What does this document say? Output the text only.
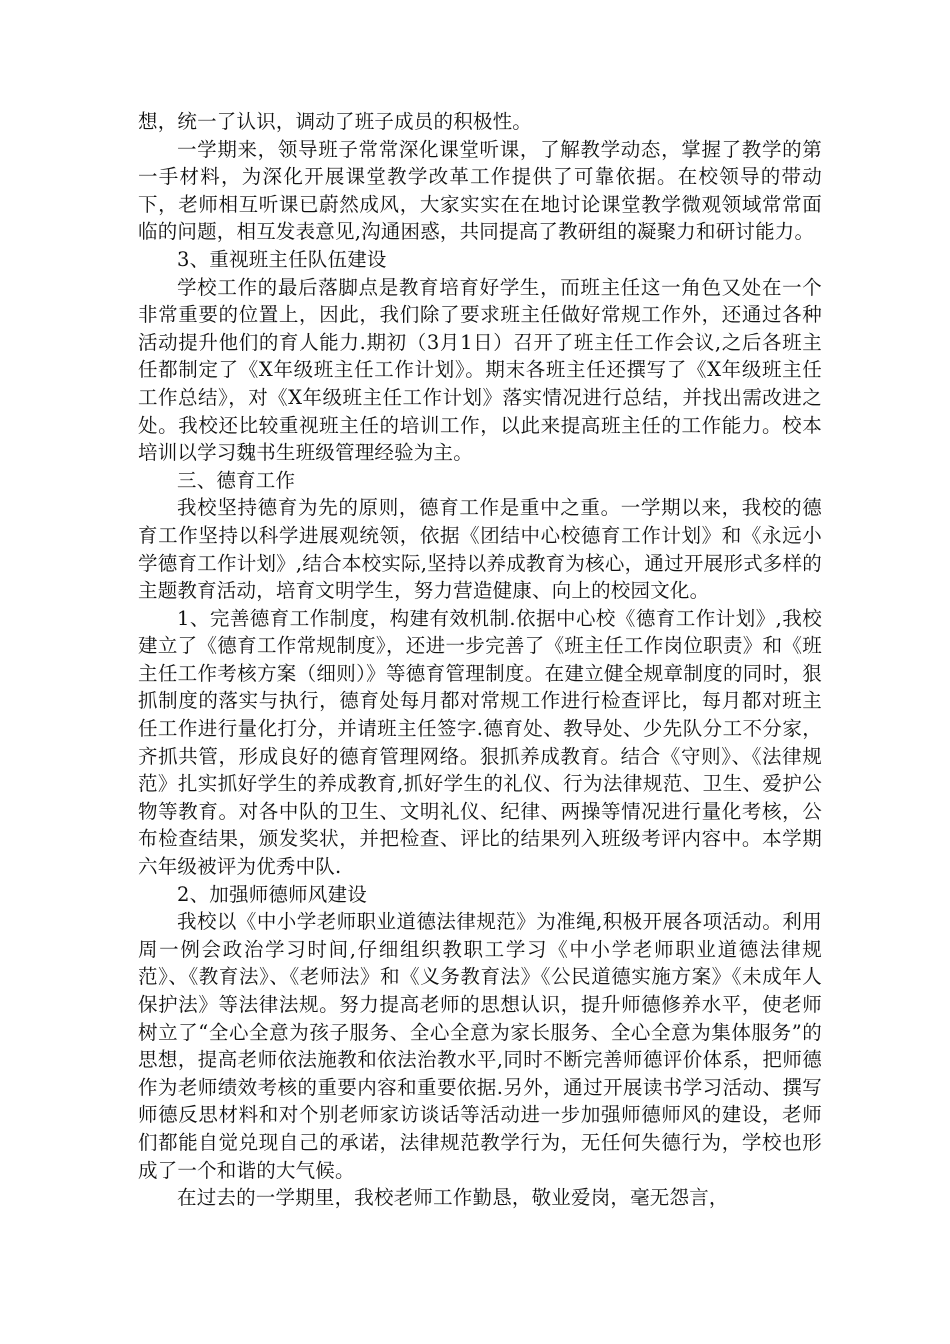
想，统一了认识，调动了班子成员的积极性。

一学期来，领导班子常常深化课堂听课，了解教学动态，掌握了教学的第一手材料，为深化开展课堂教学改革工作提供了可靠依据。在校领导的带动下，老师相互听课已蔚然成风，大家实实在在地讨论课堂教学微观领域常常面临的问题，相互发表意见,沟通困惑，共同提高了教研组的凝聚力和研讨能力。

3、重视班主任队伍建设

学校工作的最后落脚点是教育培育好学生，而班主任这一角色又处在一个非常重要的位置上，因此，我们除了要求班主任做好常规工作外，还通过各种活动提升他们的育人能力.期初（3月1日）召开了班主任工作会议,之后各班主任都制定了《X年级班主任工作计划》。期末各班主任还撰写了《X年级班主任工作总结》，对《X年级班主任工作计划》落实情况进行总结，并找出需改进之处。我校还比较重视班主任的培训工作，以此来提高班主任的工作能力。校本培训以学习魏书生班级管理经验为主。

三、德育工作

我校坚持德育为先的原则，德育工作是重中之重。一学期以来，我校的德育工作坚持以科学进展观统领，依据《团结中心校德育工作计划》和《永远小学德育工作计划》,结合本校实际,坚持以养成教育为核心，通过开展形式多样的主题教育活动，培育文明学生，努力营造健康、向上的校园文化。

1、完善德育工作制度，构建有效机制.依据中心校《德育工作计划》,我校建立了《德育工作常规制度》，还进一步完善了《班主任工作岗位职责》和《班主任工作考核方案（细则）》等德育管理制度。在建立健全规章制度的同时，狠抓制度的落实与执行，德育处每月都对常规工作进行检查评比，每月都对班主任工作进行量化打分，并请班主任签字.德育处、教导处、少先队分工不分家，齐抓共管，形成良好的德育管理网络。狠抓养成教育。结合《守则》、《法律规范》扎实抓好学生的养成教育,抓好学生的礼仪、行为法律规范、卫生、爱护公物等教育。对各中队的卫生、文明礼仪、纪律、两操等情况进行量化考核，公布检查结果，颁发奖状，并把检查、评比的结果列入班级考评内容中。本学期六年级被评为优秀中队.

2、加强师德师风建设

我校以《中小学老师职业道德法律规范》为准绳,积极开展各项活动。利用周一例会政治学习时间,仔细组织教职工学习《中小学老师职业道德法律规范》、《教育法》、《老师法》和《义务教育法》《公民道德实施方案》《未成年人保护法》等法律法规。努力提高老师的思想认识，提升师德修养水平，使老师树立了“全心全意为孩子服务、全心全意为家长服务、全心全意为集体服务”的思想，提高老师依法施教和依法治教水平,同时不断完善师德评价体系，把师德作为老师绩效考核的重要内容和重要依据.另外，通过开展读书学习活动、撰写师德反思材料和对个别老师家访谈话等活动进一步加强师德师风的建设，老师们都能自觉兑现自己的承诺，法律规范教学行为，无任何失德行为，学校也形成了一个和谐的大气候。

在过去的一学期里，我校老师工作勤恳，敬业爱岗，毫无怨言，
